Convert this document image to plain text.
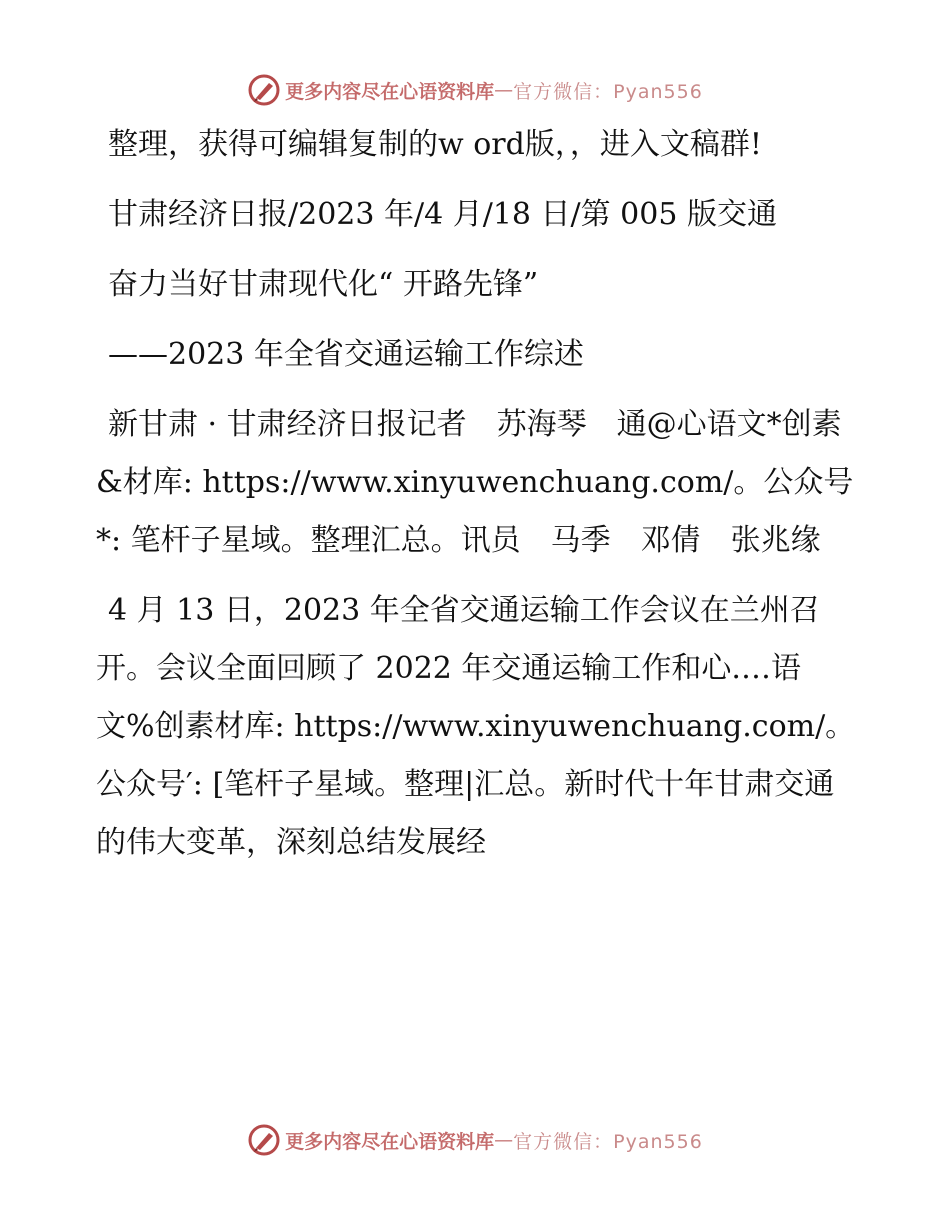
更多内容尽在心语资料库 — 官方微信：Pyan556

整理，获得可编辑复制的w ord版，，进入文稿群!

甘肃经济日报/2023 年/4 月/18 日/第 005 版交通

奋力当好甘肃现代化“ 开路先锋”

——2023 年全省交通运输工作综述

新甘肃 · 甘肃经济日报记者　苏海琴　通@心语文*创素&材库: https://www.xinyuwenchuang.com/。公众号*: 笔杆子星域。整理汇总。讯员　马季　邓倩　张兆缘

4 月 13 日，2023 年全省交通运输工作会议在兰州召开。会议全面回顾了 2022 年交通运输工作和心.…语文%创素材库: https://www.xinyuwenchuang.com/。公众号′: [笔杆子星域。整理|汇总。新时代十年甘肃交通的伟大变革，深刻总结发展经

更多内容尽在心语资料库 — 官方微信：Pyan556
